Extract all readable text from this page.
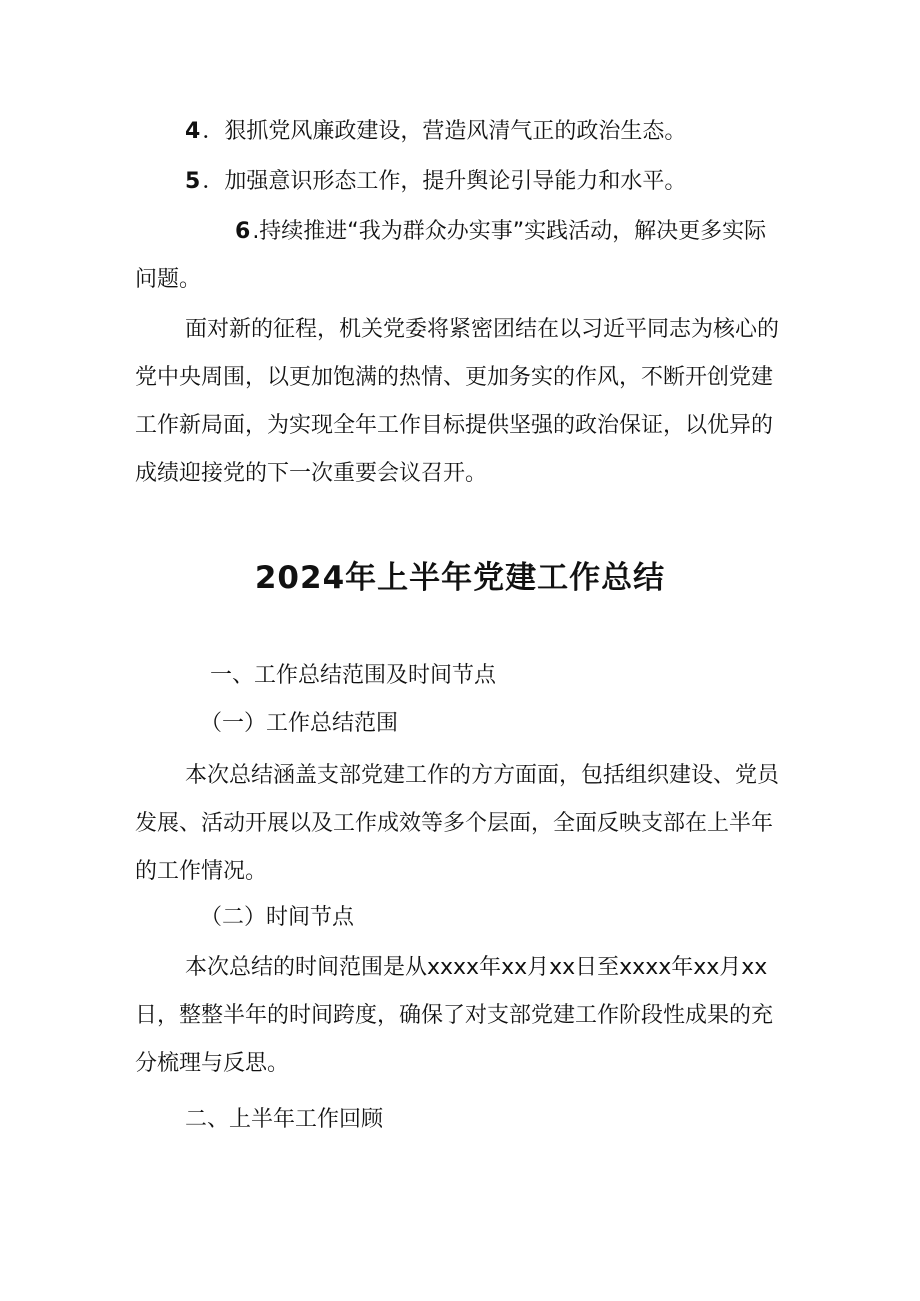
4．狠抓党风廉政建设，营造风清气正的政治生态。

5．加强意识形态工作，提升舆论引导能力和水平。

6.持续推进“我为群众办实事”实践活动，解决更多实际问题。

面对新的征程，机关党委将紧密团结在以习近平同志为核心的党中央周围，以更加饱满的热情、更加务实的作风，不断开创党建工作新局面，为实现全年工作目标提供坚强的政治保证，以优异的成绩迎接党的下一次重要会议召开。

2024年上半年党建工作总结

一、工作总结范围及时间节点

（一）工作总结范围

本次总结涵盖支部党建工作的方方面面，包括组织建设、党员发展、活动开展以及工作成效等多个层面，全面反映支部在上半年的工作情况。

（二）时间节点

本次总结的时间范围是从xxxx年xx月xx日至xxxx年xx月xx日，整整半年的时间跨度，确保了对支部党建工作阶段性成果的充分梳理与反思。

二、上半年工作回顾
